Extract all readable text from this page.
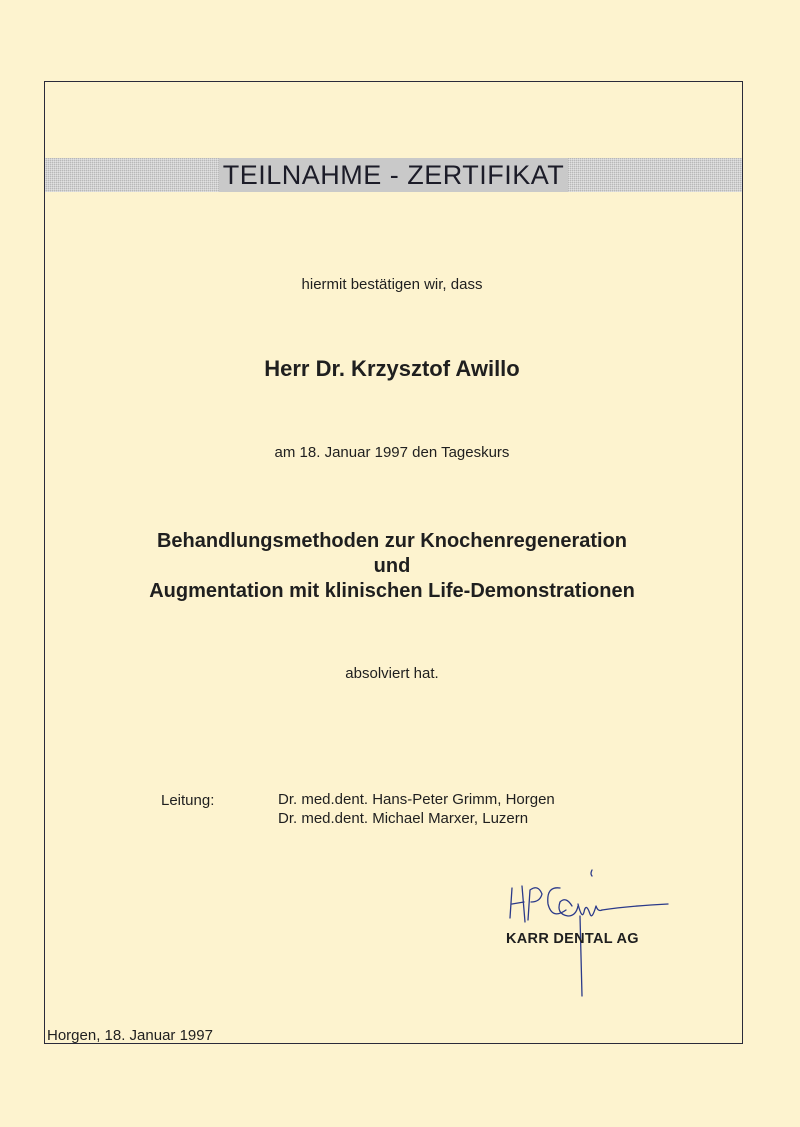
TEILNAHME - ZERTIFIKAT

hiermit bestätigen wir, dass

Herr Dr. Krzysztof Awillo

am 18. Januar 1997 den Tageskurs

Behandlungsmethoden zur Knochenregeneration
und
Augmentation mit klinischen Life-Demonstrationen

absolviert hat.

Leitung:	Dr. med.dent. Hans-Peter Grimm, Horgen
Dr. med.dent. Michael Marxer, Luzern
KARR DENTAL AG
Horgen, 18. Januar 1997
